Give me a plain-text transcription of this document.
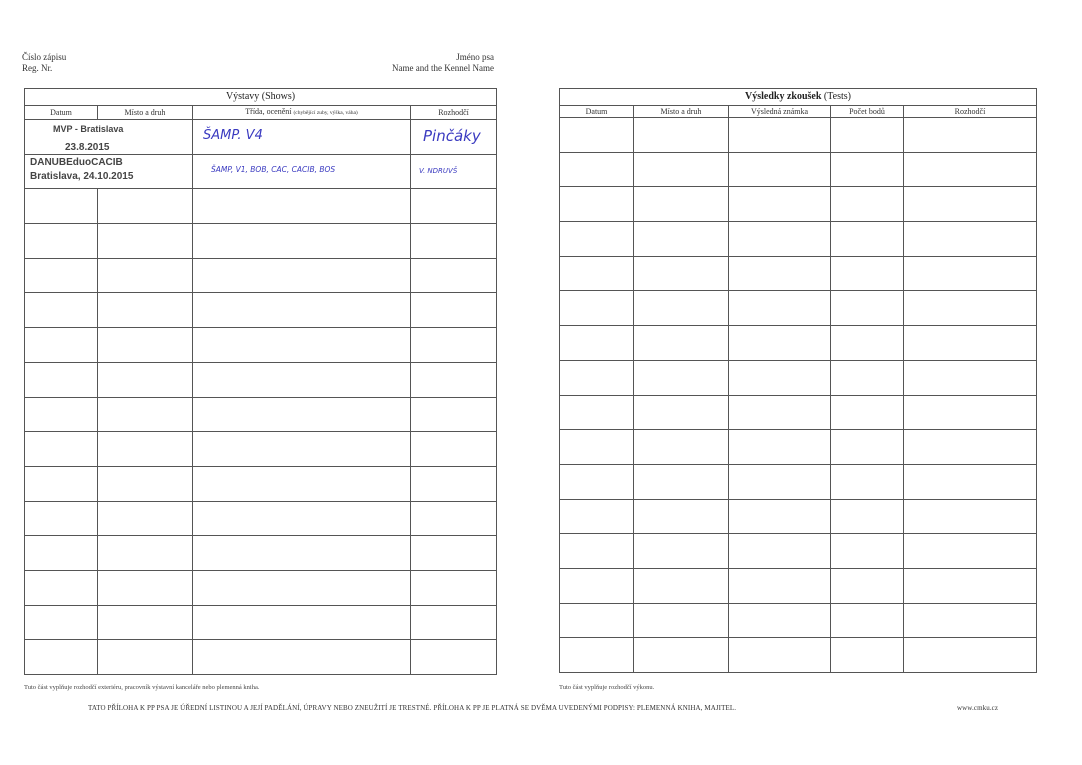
Číslo zápisu
Reg. Nr.
Jméno psa
Name and the Kennel Name
Výstavy (Shows)			
Datum	Místo a druh	Třída, ocenění (chybějící zuby, výška, váha)	Rozhodčí

MVP - Bratislava
23.8.2015		ŠAMP. V4	Pinčáky

DANUBEduoCACIB
Bratislava, 24.10.2015		ŠAMP, V1, BOB, CAC, CACIB, BOS	V. NDRUVŠ

Tuto část vyplňuje rozhodčí exteriéru, pracovník výstavní kanceláře nebo plemenná kniha.
Výsledky zkoušek (Tests)				
Datum	Místo a druh	Výsledná známka	Počet bodů	Rozhodčí

Tuto část vyplňuje rozhodčí výkonu.
TATO PŘÍLOHA K PP PSA JE ÚŘEDNÍ LISTINOU A JEJÍ PADĚLÁNÍ, ÚPRAVY NEBO ZNEUŽITÍ JE TRESTNÉ. PŘÍLOHA K PP JE PLATNÁ SE DVĚMA UVEDENÝMI PODPISY: PLEMENNÁ KNIHA, MAJITEL.	www.cmku.cz
